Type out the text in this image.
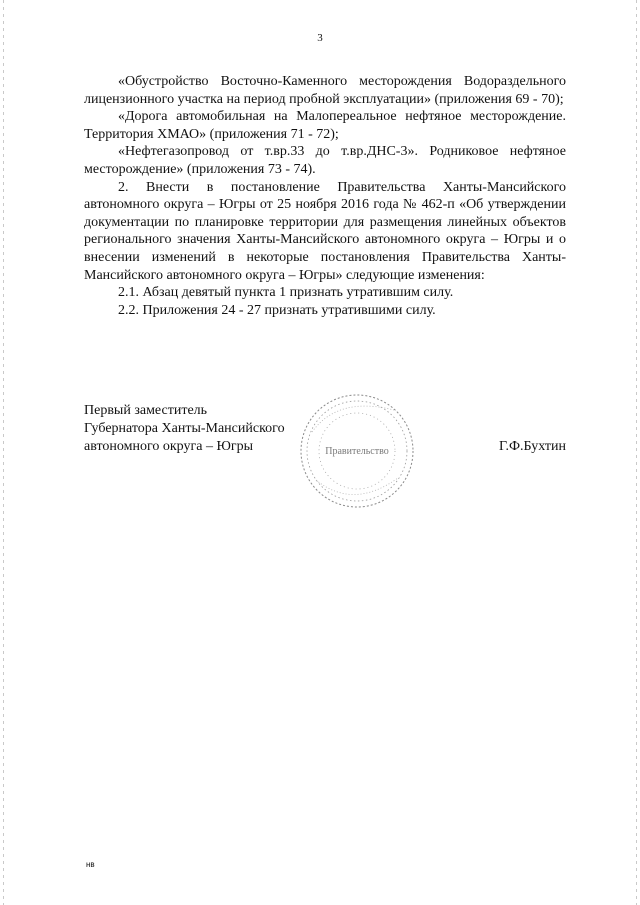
3

«Обустройство Восточно-Каменного месторождения Водораздельного лицензионного участка на период пробной эксплуатации» (приложения 69 - 70);

«Дорога автомобильная на Малопереальное нефтяное месторождение. Территория ХМАО» (приложения 71 - 72);

«Нефтегазопровод от т.вр.33 до т.вр.ДНС-3». Родниковое нефтяное месторождение» (приложения 73 - 74).

2. Внести в постановление Правительства Ханты-Мансийского автономного округа – Югры от 25 ноября 2016 года № 462-п «Об утверждении документации по планировке территории для размещения линейных объектов регионального значения Ханты-Мансийского автономного округа – Югры и о внесении изменений в некоторые постановления Правительства Ханты-Мансийского автономного округа – Югры» следующие изменения:

2.1. Абзац девятый пункта 1 признать утратившим силу.

2.2. Приложения 24 - 27 признать утратившими силу.

Первый заместитель
Губернатора Ханты-Мансийского
автономного округа – Югры	Г.Ф.Бухтин
Правительство
нв
